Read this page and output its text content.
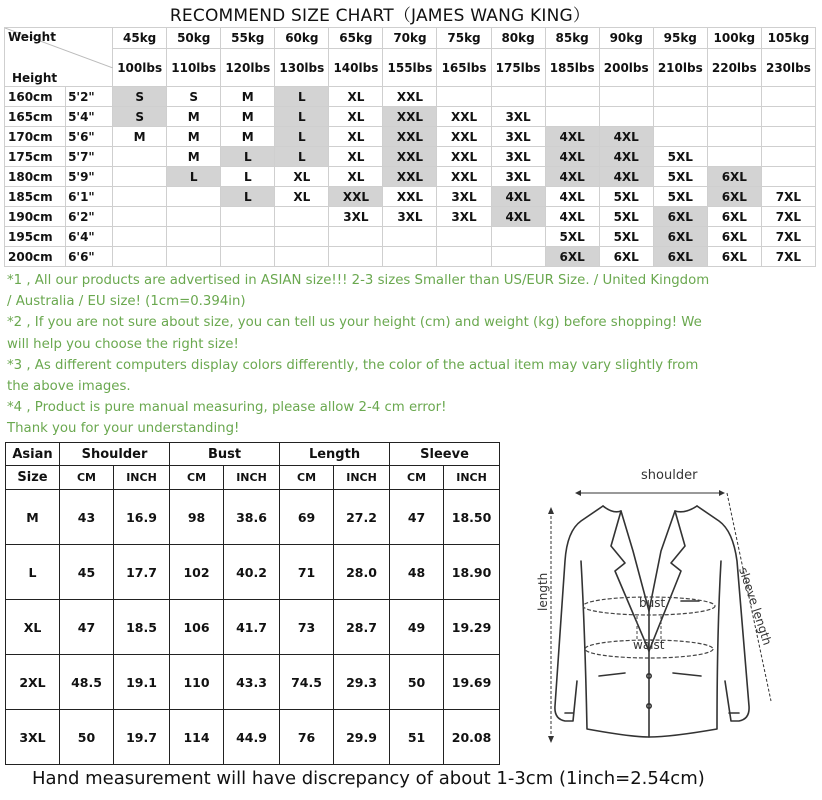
RECOMMEND SIZE CHART（JAMES WANG KING）
Weight
Height		45kg	50kg	55kg	60kg	65kg	70kg	75kg	80kg	85kg	90kg	95kg	100kg	105kg
		100lbs	110lbs	120lbs	130lbs	140lbs	155lbs	165lbs	175lbs	185lbs	200lbs	210lbs	220lbs	230lbs
160cm	5'2"	S	S	M	L	XL	XXL							
165cm	5'4"	S	M	M	L	XL	XXL	XXL	3XL					
170cm	5'6"	M	M	M	L	XL	XXL	XXL	3XL	4XL	4XL			
175cm	5'7"		M	L	L	XL	XXL	XXL	3XL	4XL	4XL	5XL		
180cm	5'9"		L	L	XL	XL	XXL	XXL	3XL	4XL	4XL	5XL	6XL	
185cm	6'1"			L	XL	XXL	XXL	3XL	4XL	4XL	5XL	5XL	6XL	7XL
190cm	6'2"					3XL	3XL	3XL	4XL	4XL	5XL	6XL	6XL	7XL
195cm	6'4"									5XL	5XL	6XL	6XL	7XL
200cm	6'6"									6XL	6XL	6XL	6XL	7XL
*1 , All our products are advertised in ASIAN size!!! 2-3 sizes Smaller than US/EUR Size. / United Kingdom
/ Australia / EU size! (1cm=0.394in)
*2 , If you are not sure about size, you can tell us your height (cm) and weight (kg) before shopping! We
will help you choose the right size!
*3 , As different computers display colors differently, the color of the actual item may vary slightly from
the above images.
*4 , Product is pure manual measuring, please allow 2-4 cm error!
Thank you for your understanding!
Asian	Shoulder		Bust		Length		Sleeve	
Size	CM	INCH	CM	INCH	CM	INCH	CM	INCH
M	43	16.9	98	38.6	69	27.2	47	18.50
L	45	17.7	102	40.2	71	28.0	48	18.90
XL	47	18.5	106	41.7	73	28.7	49	19.29
2XL	48.5	19.1	110	43.3	74.5	29.3	50	19.69
3XL	50	19.7	114	44.9	76	29.9	51	20.08
shoulder
bust
waist
length	sleeve length
Hand measurement will have discrepancy of about 1-3cm (1inch=2.54cm)
